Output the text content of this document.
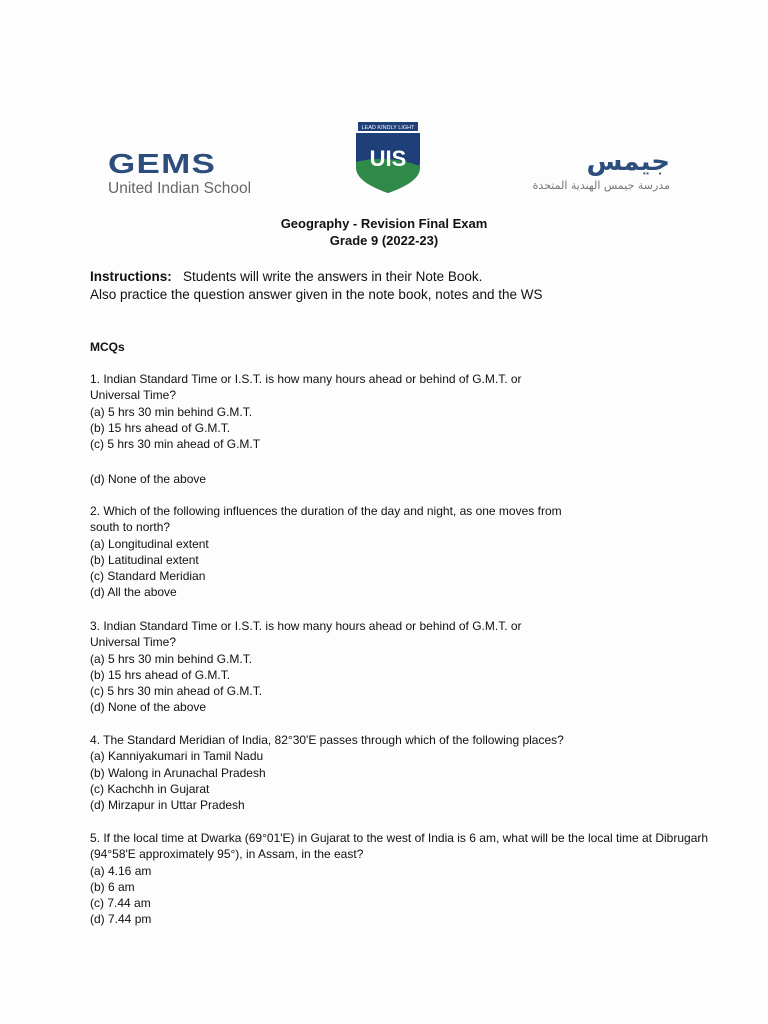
GEMS
United Indian School
LEAD KINDLY LIGHT
UIS	جيمس
مدرسة جيمس الهندية المتحدة
Geography - Revision Final Exam
Grade 9 (2022-23)
Instructions: Students will write the answers in their Note Book.
Also practice the question answer given in the note book, notes and the WS
MCQs
1. Indian Standard Time or I.S.T. is how many hours ahead or behind of G.M.T. or
Universal Time?
(a) 5 hrs 30 min behind G.M.T.
(b) 15 hrs ahead of G.M.T.
(c) 5 hrs 30 min ahead of G.M.T
(d) None of the above
2. Which of the following influences the duration of the day and night, as one moves from
south to north?
(a) Longitudinal extent
(b) Latitudinal extent
(c) Standard Meridian
(d) All the above
3. Indian Standard Time or I.S.T. is how many hours ahead or behind of G.M.T. or
Universal Time?
(a) 5 hrs 30 min behind G.M.T.
(b) 15 hrs ahead of G.M.T.
(c) 5 hrs 30 min ahead of G.M.T.
(d) None of the above
4. The Standard Meridian of India, 82°30'E passes through which of the following places?
(a) Kanniyakumari in Tamil Nadu
(b) Walong in Arunachal Pradesh
(c) Kachchh in Gujarat
(d) Mirzapur in Uttar Pradesh
5. If the local time at Dwarka (69°01'E) in Gujarat to the west of India is 6 am, what will be the local time at Dibrugarh
(94°58'E approximately 95°), in Assam, in the east?
(a) 4.16 am
(b) 6 am
(c) 7.44 am
(d) 7.44 pm
